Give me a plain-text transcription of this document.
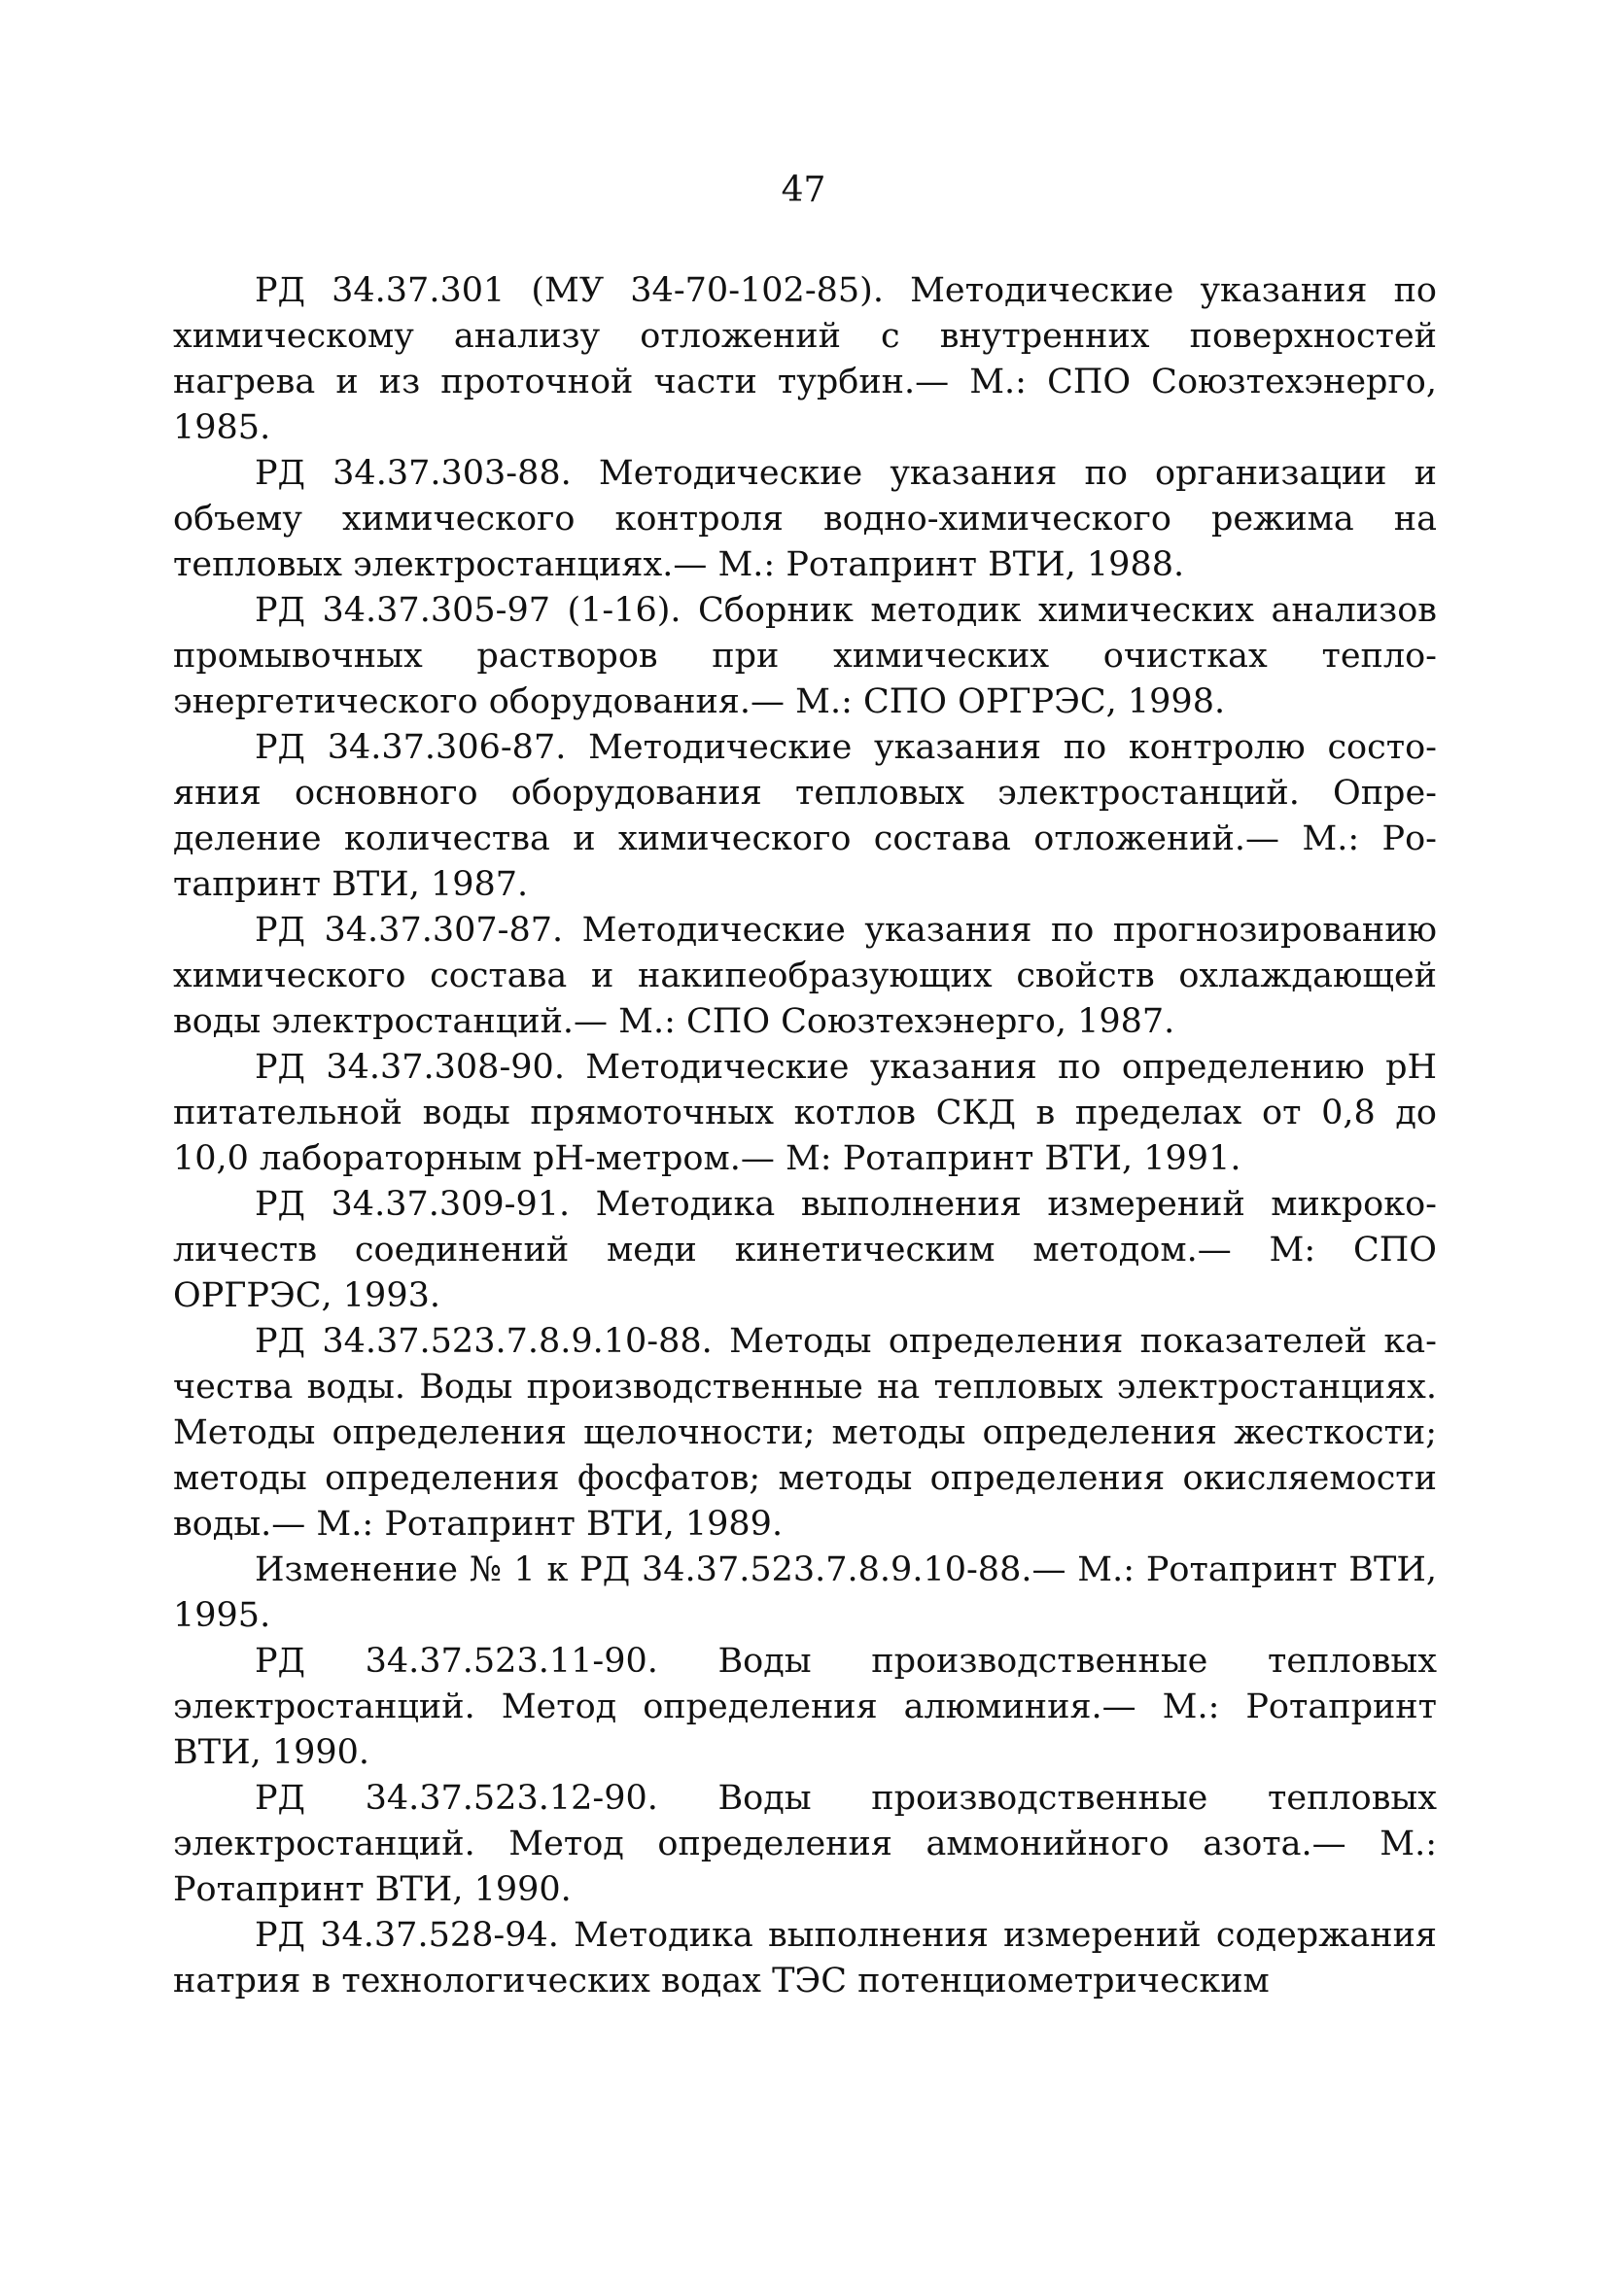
47

РД 34.37.301 (МУ 34-70-102-85). Методические указания по химическому анализу отложений с внутренних поверхностей нагрева и из проточной части турбин.— М.: СПО Союзтехэнерго, 1985.

РД 34.37.303-88. Методические указания по организации и объему химического контроля водно-химического режима на тепловых электростанциях.— М.: Ротапринт ВТИ, 1988.

РД 34.37.305-97 (1-16). Сборник методик химических анализов промывочных растворов при химических очистках теплоэнергетического оборудования.— М.: СПО ОРГРЭС, 1998.

РД 34.37.306-87. Методические указания по контролю состояния основного оборудования тепловых электростанций. Определение количества и химического состава отложений.— М.: Ротапринт ВТИ, 1987.

РД 34.37.307-87. Методические указания по прогнозированию химического состава и накипеобразующих свойств охлаждающей воды электростанций.— М.: СПО Союзтехэнерго, 1987.

РД 34.37.308-90. Методические указания по определению pH питательной воды прямоточных котлов СКД в пределах от 0,8 до 10,0 лабораторным pH-метром.— М: Ротапринт ВТИ, 1991.

РД 34.37.309-91. Методика выполнения измерений микроколичеств соединений меди кинетическим методом.— М: СПО ОРГРЭС, 1993.

РД 34.37.523.7.8.9.10-88. Методы определения показателей качества воды. Воды производственные на тепловых электростанциях. Методы определения щелочности; методы определения жесткости; методы определения фосфатов; методы определения окисляемости воды.— М.: Ротапринт ВТИ, 1989.

Изменение № 1 к РД 34.37.523.7.8.9.10-88.— М.: Ротапринт ВТИ, 1995.

РД 34.37.523.11-90. Воды производственные тепловых электростанций. Метод определения алюминия.— М.: Ротапринт ВТИ, 1990.

РД 34.37.523.12-90. Воды производственные тепловых электростанций. Метод определения аммонийного азота.— М.: Ротапринт ВТИ, 1990.

РД 34.37.528-94. Методика выполнения измерений содержания натрия в технологических водах ТЭС потенциометрическим
